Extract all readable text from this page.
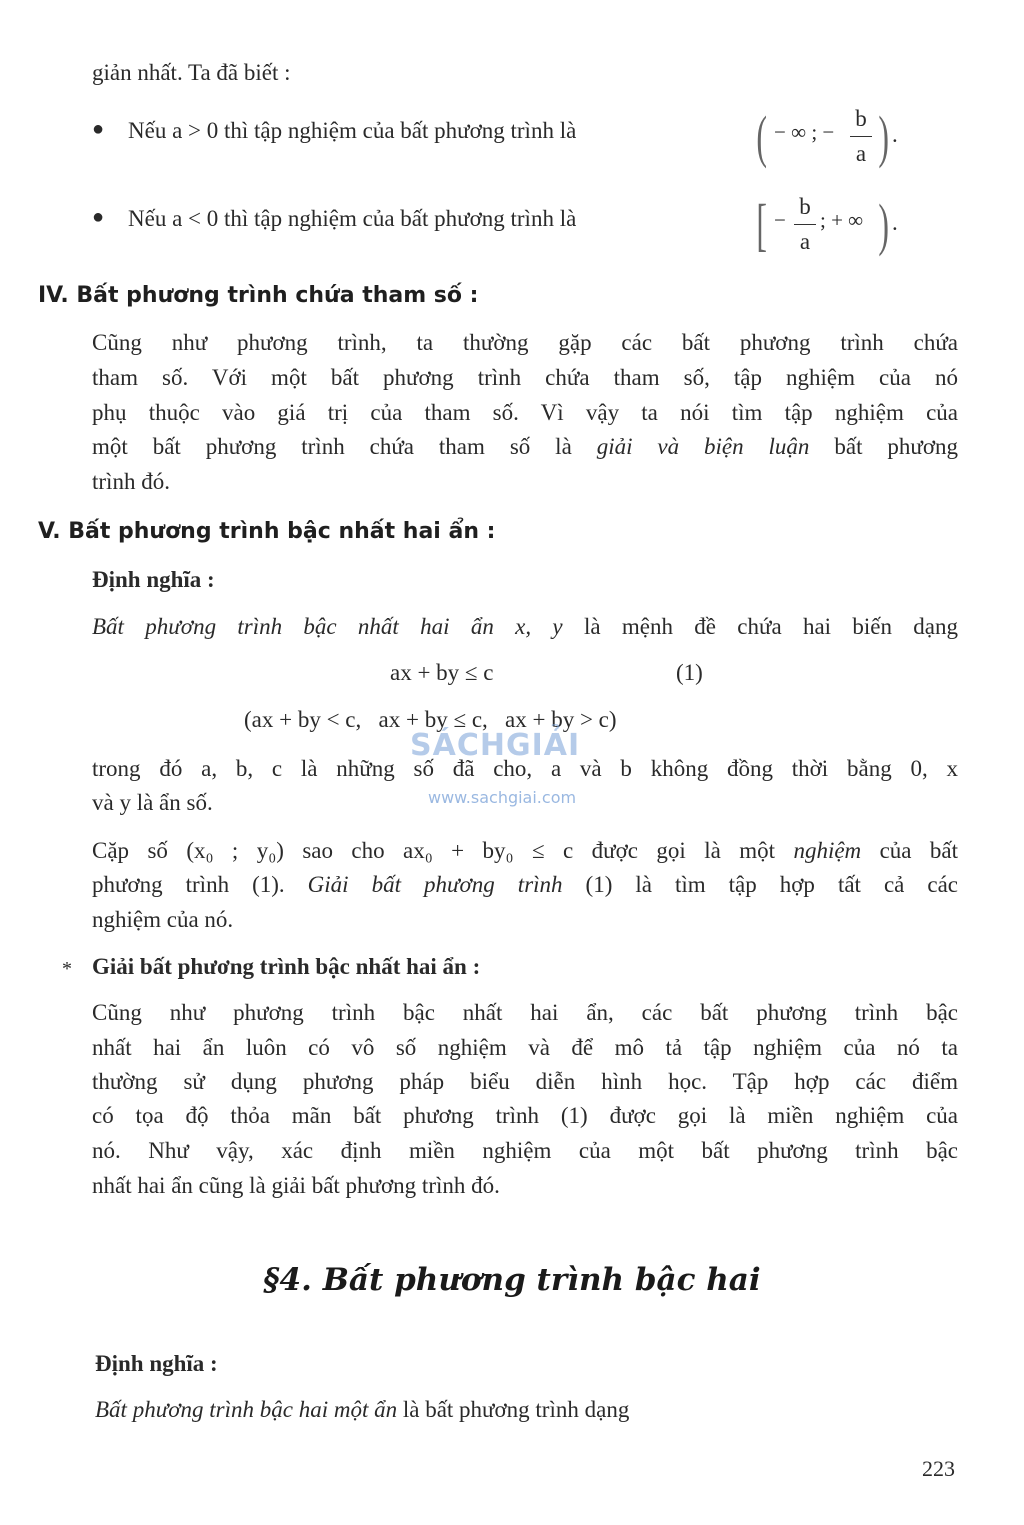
giản nhất. Ta đã biết :
● Nếu a > 0 thì tập nghiệm của bất phương trình là	( − ∞ ; −
b
a ) .
● Nếu a < 0 thì tập nghiệm của bất phương trình là	[ −
b
a
; + ∞ ) .
IV. Bất phương trình chứa tham số :
Cũng như phương trình, ta thường gặp các bất phương trình chứa
tham số. Với một bất phương trình chứa tham số, tập nghiệm của nó
phụ thuộc vào giá trị của tham số. Vì vậy ta nói tìm tập nghiệm của
một bất phương trình chứa tham số là giải và biện luận bất phương
trình đó.
V. Bất phương trình bậc nhất hai ẩn :
Định nghĩa :
Bất phương trình bậc nhất hai ẩn x, y là mệnh đề chứa hai biến dạng
ax + by ≤ c	(1)
(ax + by < c,   ax + by ≤ c,   ax + by > c)
trong đó a, b, c là những số đã cho, a và b không đồng thời bằng 0, x
và y là ẩn số.
Cặp số (x₀ ; y₀) sao cho ax₀ + by₀ ≤ c được gọi là một nghiệm của bất
phương trình (1). Giải bất phương trình (1) là tìm tập hợp tất cả các
nghiệm của nó.
* Giải bất phương trình bậc nhất hai ẩn :
Cũng như phương trình bậc nhất hai ẩn, các bất phương trình bậc
nhất hai ẩn luôn có vô số nghiệm và để mô tả tập nghiệm của nó ta
thường sử dụng phương pháp biểu diễn hình học. Tập hợp các điểm
có tọa độ thỏa mãn bất phương trình (1) được gọi là miền nghiệm của
nó. Như vậy, xác định miền nghiệm của một bất phương trình bậc
nhất hai ẩn cũng là giải bất phương trình đó.
§4. Bất phương trình bậc hai
Định nghĩa :
Bất phương trình bậc hai một ẩn là bất phương trình dạng
SÁCHGIẢI
www.sachgiai.com
223
